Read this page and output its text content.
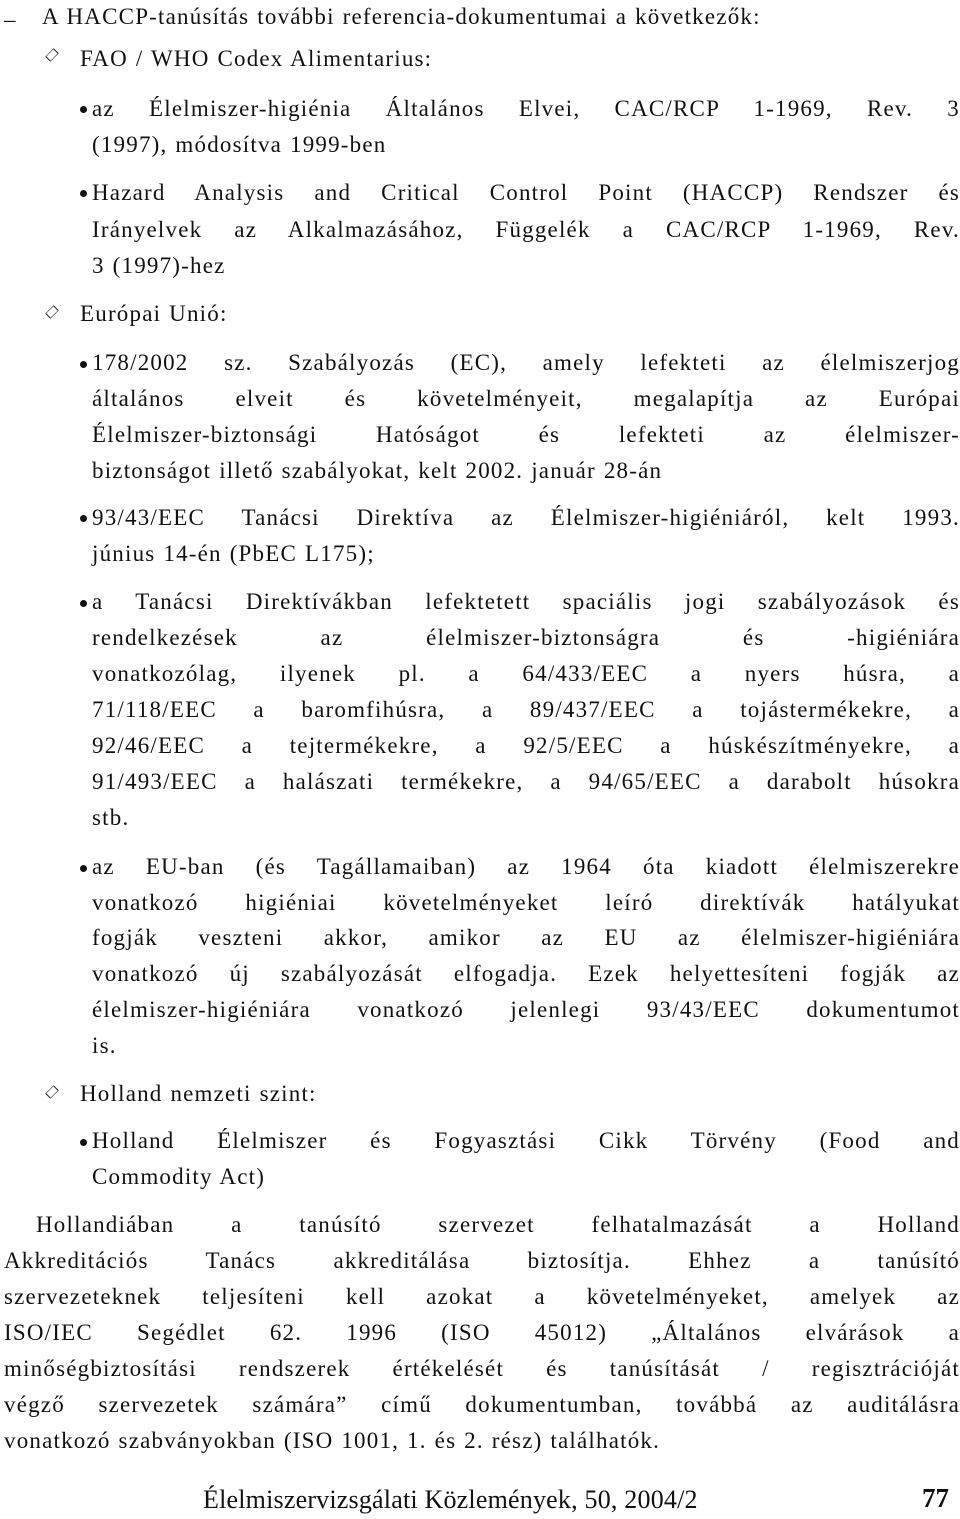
– A HACCP-tanúsítás további referencia-dokumentumai a következők:
FAO / WHO Codex Alimentarius:
az Élelmiszer-higiénia Általános Elvei, CAC/RCP 1-1969, Rev. 3
(1997), módosítva 1999-ben
Hazard Analysis and Critical Control Point (HACCP) Rendszer és
Irányelvek az Alkalmazásához, Függelék a CAC/RCP 1-1969, Rev.
3 (1997)-hez
Európai Unió:
178/2002 sz. Szabályozás (EC), amely lefekteti az élelmiszerjog
általános elveit és követelményeit, megalapítja az Európai
Élelmiszer-biztonsági Hatóságot és lefekteti az élelmiszer-
biztonságot illető szabályokat, kelt 2002. január 28-án
93/43/EEC Tanácsi Direktíva az Élelmiszer-higiéniáról, kelt 1993.
június 14-én (PbEC L175);
a Tanácsi Direktívákban lefektetett spaciális jogi szabályozások és
rendelkezések az élelmiszer-biztonságra és -higiéniára
vonatkozólag, ilyenek pl. a 64/433/EEC a nyers húsra, a
71/118/EEC a baromfihúsra, a 89/437/EEC a tojástermékekre, a
92/46/EEC a tejtermékekre, a 92/5/EEC a húskészítményekre, a
91/493/EEC a halászati termékekre, a 94/65/EEC a darabolt húsokra
stb.
az EU-ban (és Tagállamaiban) az 1964 óta kiadott élelmiszerekre
vonatkozó higiéniai követelményeket leíró direktívák hatályukat
fogják veszteni akkor, amikor az EU az élelmiszer-higiéniára
vonatkozó új szabályozását elfogadja. Ezek helyettesíteni fogják az
élelmiszer-higiéniára vonatkozó jelenlegi 93/43/EEC dokumentumot
is.
Holland nemzeti szint:
Holland Élelmiszer és Fogyasztási Cikk Törvény (Food and
Commodity Act)
Hollandiában a tanúsító szervezet felhatalmazását a Holland
Akkreditációs Tanács akkreditálása biztosítja. Ehhez a tanúsító
szervezeteknek teljesíteni kell azokat a követelményeket, amelyek az
ISO/IEC Segédlet 62. 1996 (ISO 45012) „Általános elvárások a
minőségbiztosítási rendszerek értékelését és tanúsítását / regisztrációját
végző szervezetek számára” című dokumentumban, továbbá az auditálásra
vonatkozó szabványokban (ISO 1001, 1. és 2. rész) találhatók.
Élelmiszervizsgálati Közlemények, 50, 2004/2	77
